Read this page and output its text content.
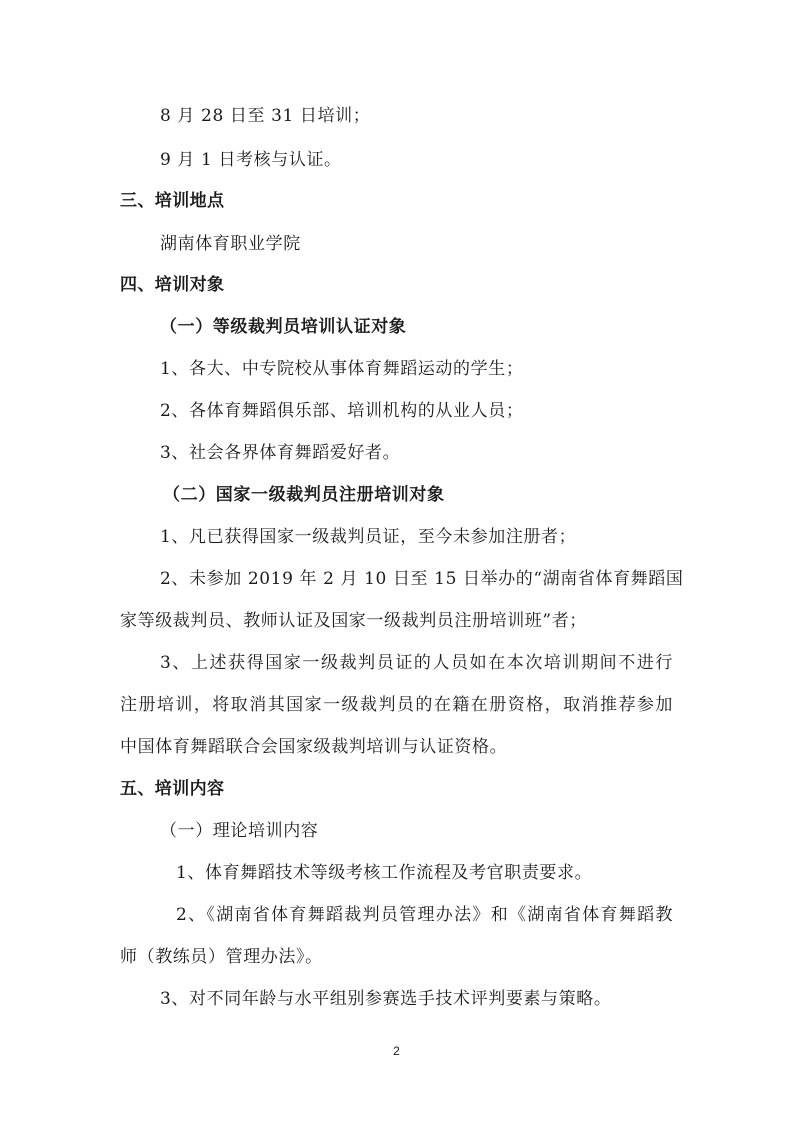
8 月 28 日至 31 日培训；
9 月 1 日考核与认证。
三、培训地点
湖南体育职业学院
四、培训对象
（一）等级裁判员培训认证对象
1、各大、中专院校从事体育舞蹈运动的学生；
2、各体育舞蹈俱乐部、培训机构的从业人员；
3、社会各界体育舞蹈爱好者。
（二）国家一级裁判员注册培训对象
1、凡已获得国家一级裁判员证，至今未参加注册者；
2、未参加 2019 年 2 月 10 日至 15 日举办的“湖南省体育舞蹈国
家等级裁判员、教师认证及国家一级裁判员注册培训班”者；
3、上述获得国家一级裁判员证的人员如在本次培训期间不进行
注册培训，将取消其国家一级裁判员的在籍在册资格，取消推荐参加
中国体育舞蹈联合会国家级裁判培训与认证资格。
五、培训内容
（一）理论培训内容
1、体育舞蹈技术等级考核工作流程及考官职责要求。
2、《湖南省体育舞蹈裁判员管理办法》和《湖南省体育舞蹈教
师（教练员）管理办法》。
3、对不同年龄与水平组别参赛选手技术评判要素与策略。
2
